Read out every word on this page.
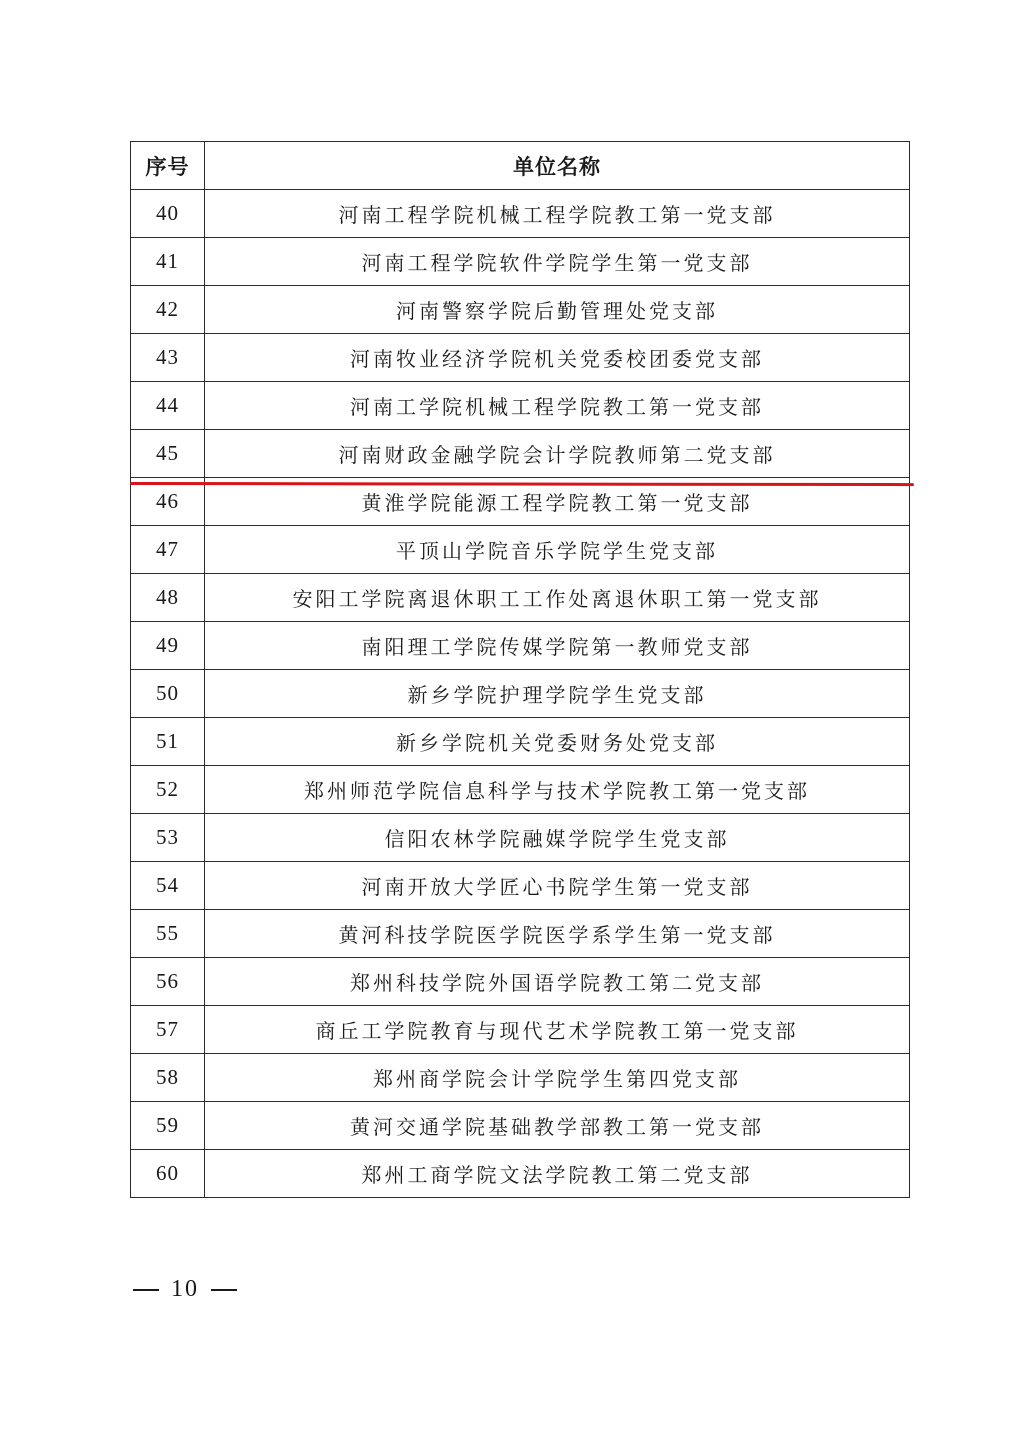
序号	单位名称
40	河南工程学院机械工程学院教工第一党支部
41	河南工程学院软件学院学生第一党支部
42	河南警察学院后勤管理处党支部
43	河南牧业经济学院机关党委校团委党支部
44	河南工学院机械工程学院教工第一党支部
45	河南财政金融学院会计学院教师第二党支部
46	黄淮学院能源工程学院教工第一党支部
47	平顶山学院音乐学院学生党支部
48	安阳工学院离退休职工工作处离退休职工第一党支部
49	南阳理工学院传媒学院第一教师党支部
50	新乡学院护理学院学生党支部
51	新乡学院机关党委财务处党支部
52	郑州师范学院信息科学与技术学院教工第一党支部
53	信阳农林学院融媒学院学生党支部
54	河南开放大学匠心书院学生第一党支部
55	黄河科技学院医学院医学系学生第一党支部
56	郑州科技学院外国语学院教工第二党支部
57	商丘工学院教育与现代艺术学院教工第一党支部
58	郑州商学院会计学院学生第四党支部
59	黄河交通学院基础教学部教工第一党支部
60	郑州工商学院文法学院教工第二党支部
10
